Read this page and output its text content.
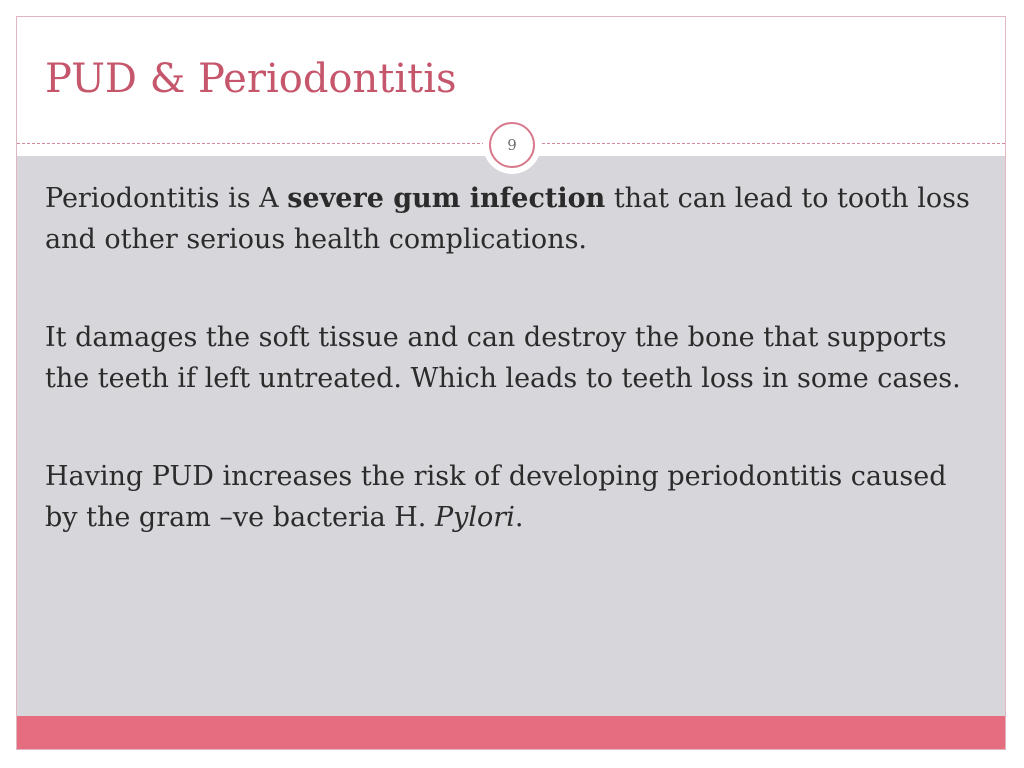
PUD & Periodontitis
9

Periodontitis is A severe gum infection that can lead to tooth loss and other serious health complications.

It damages the soft tissue and can destroy the bone that supports the teeth if left untreated. Which leads to teeth loss in some cases.

Having PUD increases the risk of developing periodontitis caused by the gram –ve bacteria H. Pylori.
